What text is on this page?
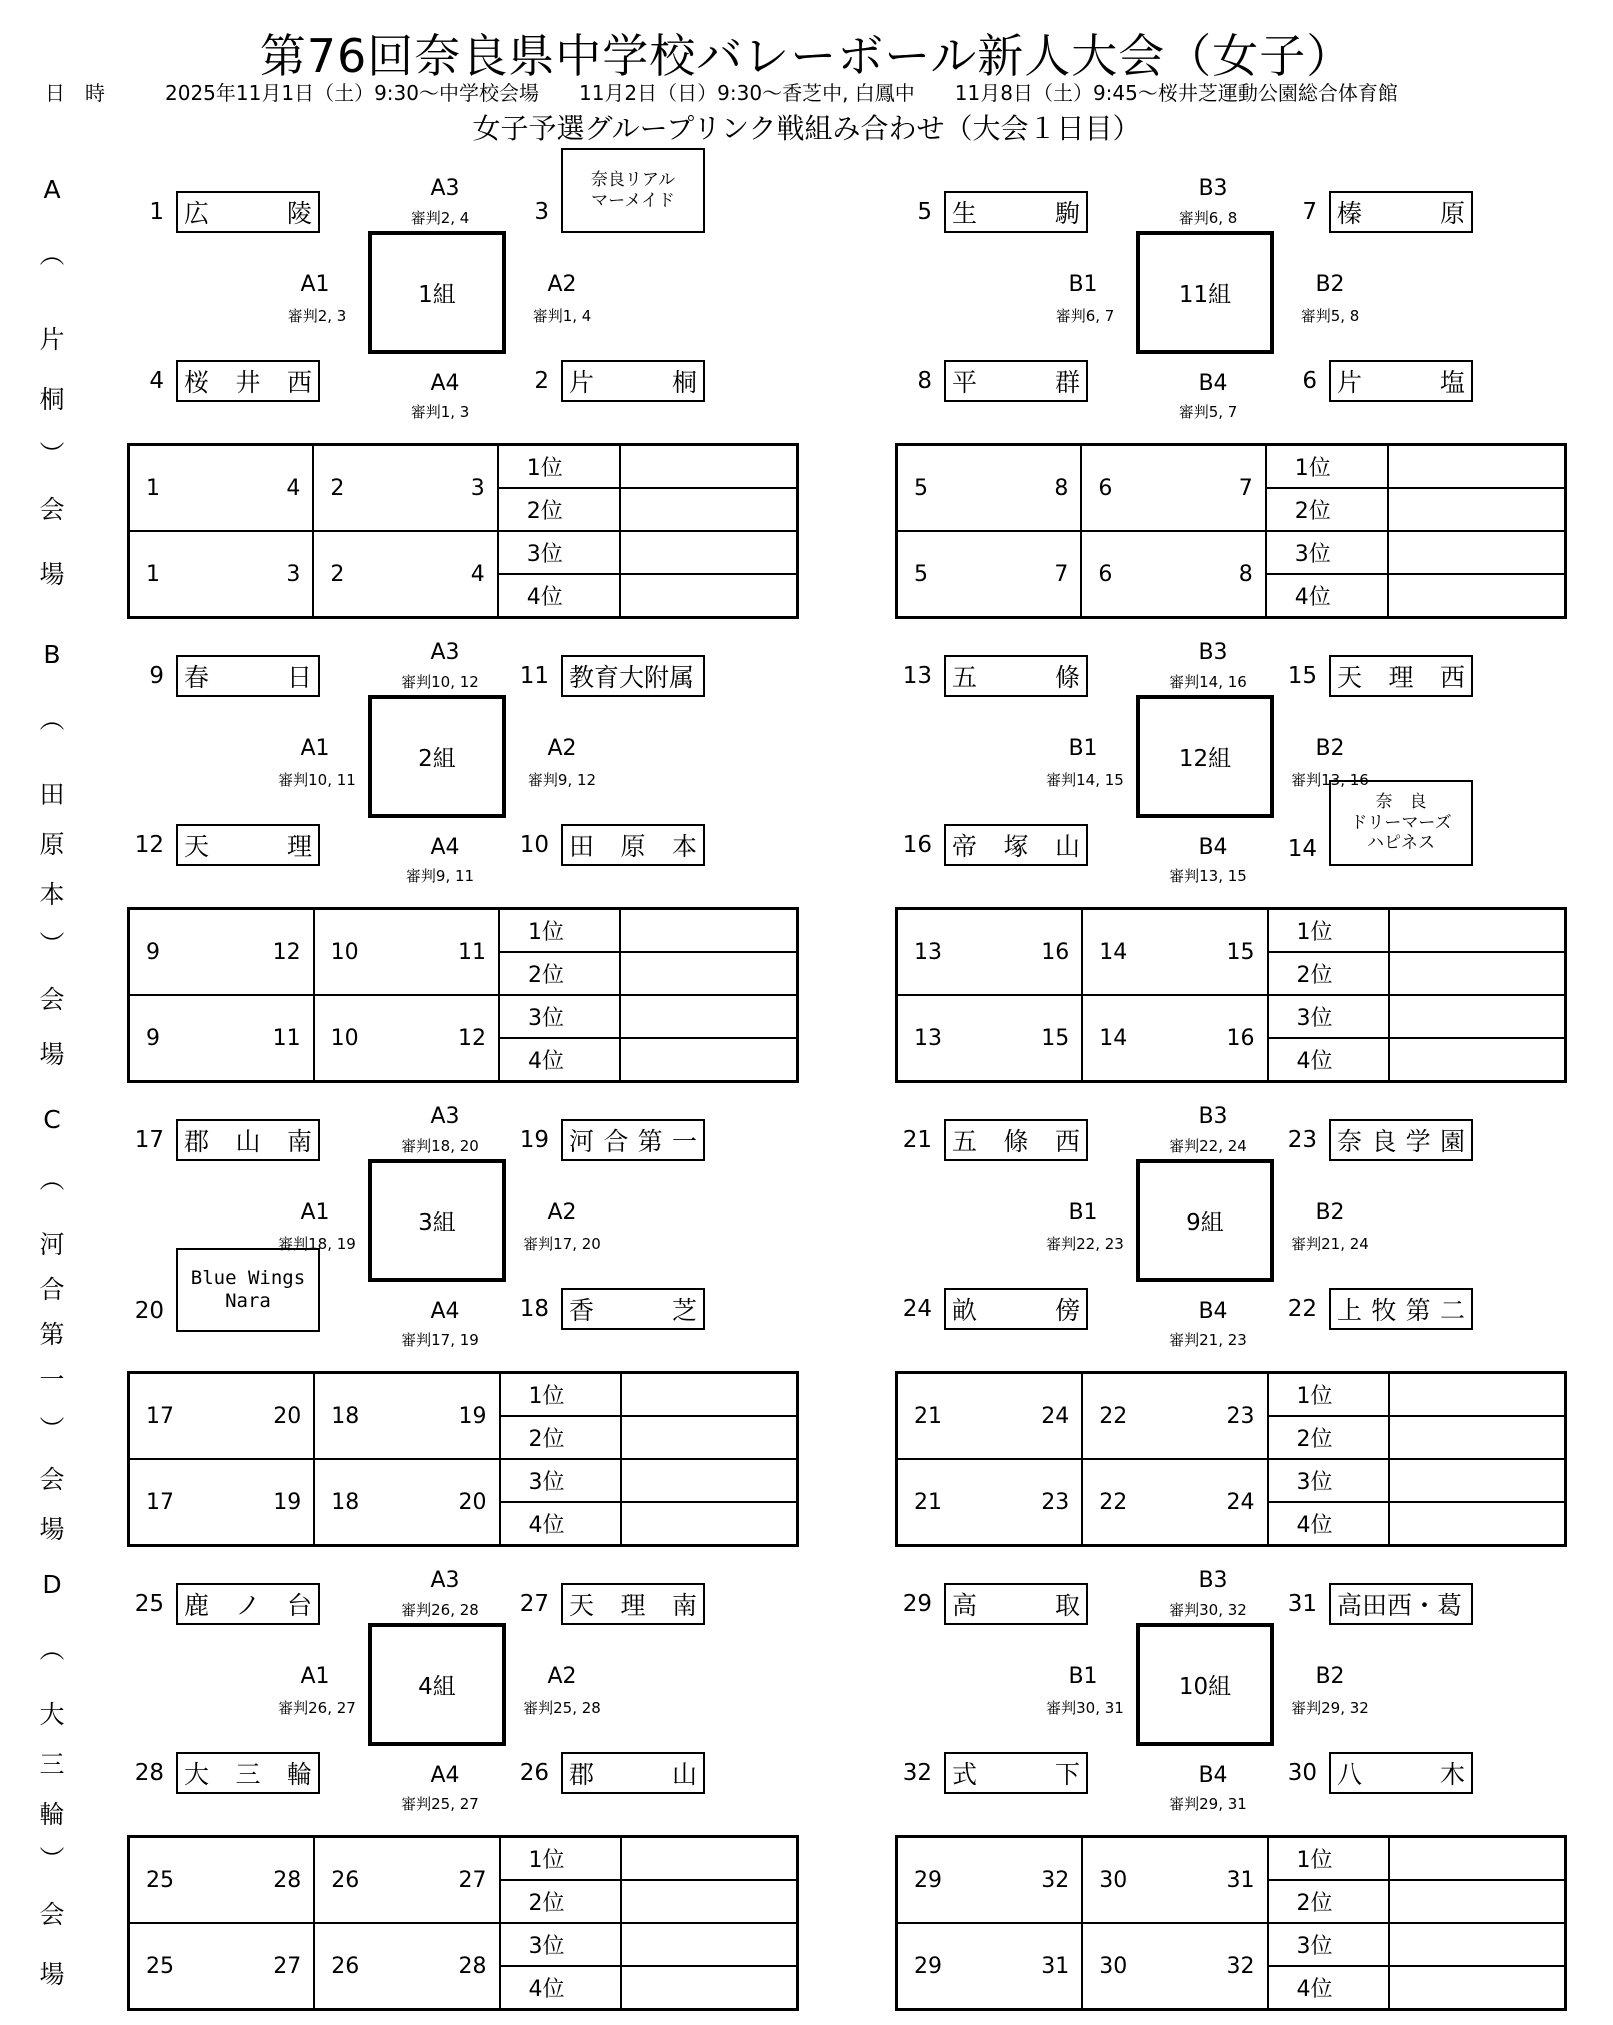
第76回奈良県中学校バレーボール新人大会（女子）
日　時　　　	2025年11月1日（土）9:30～中学校会場　　11月2日（日）9:30～香芝中, 白鳳中　　11月8日（土）9:45～桜井芝運動公園総合体育館
女子予選グループリンク戦組み合わせ（大会１日目）
A
︵
片
桐
︶
会
場
B
︵
田
原
本
︶
会
場
C
︵
河
合
第
一
︶
会
場
D
︵
大
三
輪
︶
会
場
1 広	陵
4 桜 井 西
3
奈良リアル
マーメイド
2 片	桐
1組
A1
審判2, 3
A2
審判1, 4
A3
審判2, 4
A4
審判1, 3
1 4	2 3	1位	
		2位	

1 3	2 4	3位	
		4位	
5 生	駒
8 平	群
7 榛	原
6 片	塩
11組
B1
審判6, 7
B2
審判5, 8
B3
審判6, 8
B4
審判5, 7
5 8	6 7	1位	
		2位	

5 7	6 8	3位	
		4位	
9 春	日
12 天	理
11 教育大附属
10 田 原 本
2組
A1
審判10, 11
A2
審判9, 12
A3
審判10, 12
A4
審判9, 11
9 12	10 11	1位	
		2位	

9 11	10 12	3位	
		4位	
13 五	條
16 帝 塚 山
15 天 理 西
14
奈　良
ドリーマーズ
ハピネス
12組
B1
審判14, 15
B2
審判13, 16
B3
審判14, 16
B4
審判13, 15
13 16	14 15	1位	
		2位	

13 15	14 16	3位	
		4位	
17 郡 山 南
20
Blue Wings
Nara
19 河 合 第 一
18 香	芝
3組
A1
審判18, 19
A2
審判17, 20
A3
審判18, 20
A4
審判17, 19
17 20	18 19	1位	
		2位	

17 19	18 20	3位	
		4位	
21 五 條 西
24 畝	傍
23 奈 良 学 園
22 上 牧 第 二
9組
B1
審判22, 23
B2
審判21, 24
B3
審判22, 24
B4
審判21, 23
21 24	22 23	1位	
		2位	

21 23	22 24	3位	
		4位	
25 鹿 ノ 台
28 大 三 輪
27 天 理 南
26 郡	山
4組
A1
審判26, 27
A2
審判25, 28
A3
審判26, 28
A4
審判25, 27
25 28	26 27	1位	
		2位	

25 27	26 28	3位	
		4位	
29 高	取
32 式	下
31 高田西・葛
30 八	木
10組
B1
審判30, 31
B2
審判29, 32
B3
審判30, 32
B4
審判29, 31
29 32	30 31	1位	
		2位	

29 31	30 32	3位	
		4位	
